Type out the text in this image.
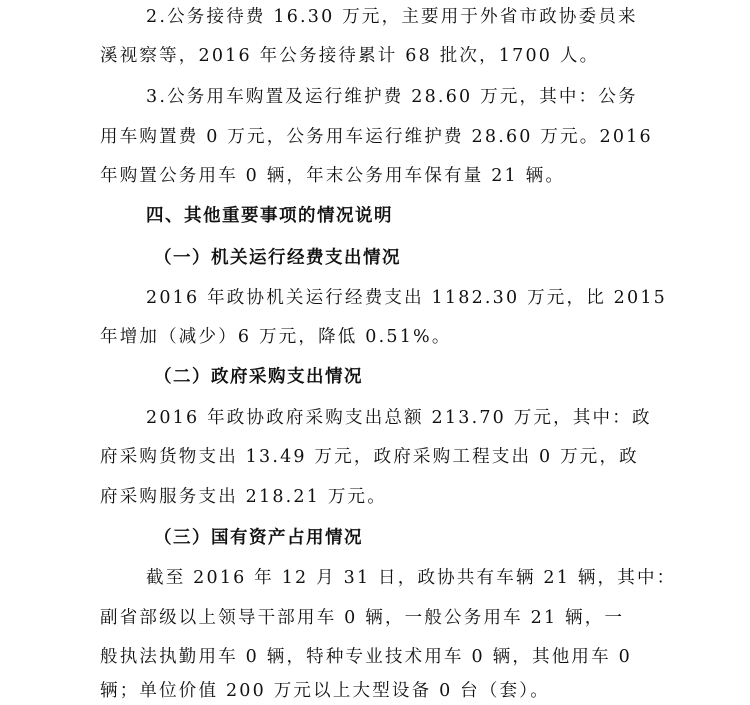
2.公务接待费 16.30 万元，主要用于外省市政协委员来
溪视察等，2016 年公务接待累计 68 批次，1700 人。
3.公务用车购置及运行维护费 28.60 万元，其中：公务
用车购置费 0 万元，公务用车运行维护费 28.60 万元。2016
年购置公务用车 0 辆，年末公务用车保有量 21 辆。
四、其他重要事项的情况说明
（一）机关运行经费支出情况
2016 年政协机关运行经费支出 1182.30 万元，比 2015
年增加（减少）6 万元，降低 0.51%。
（二）政府采购支出情况
2016 年政协政府采购支出总额 213.70 万元，其中：政
府采购货物支出 13.49 万元，政府采购工程支出 0 万元，政
府采购服务支出 218.21 万元。
（三）国有资产占用情况
截至 2016 年 12 月 31 日，政协共有车辆 21 辆，其中：
副省部级以上领导干部用车 0 辆，一般公务用车 21 辆，一
般执法执勤用车 0 辆，特种专业技术用车 0 辆，其他用车 0
辆；单位价值 200 万元以上大型设备 0 台（套）。
